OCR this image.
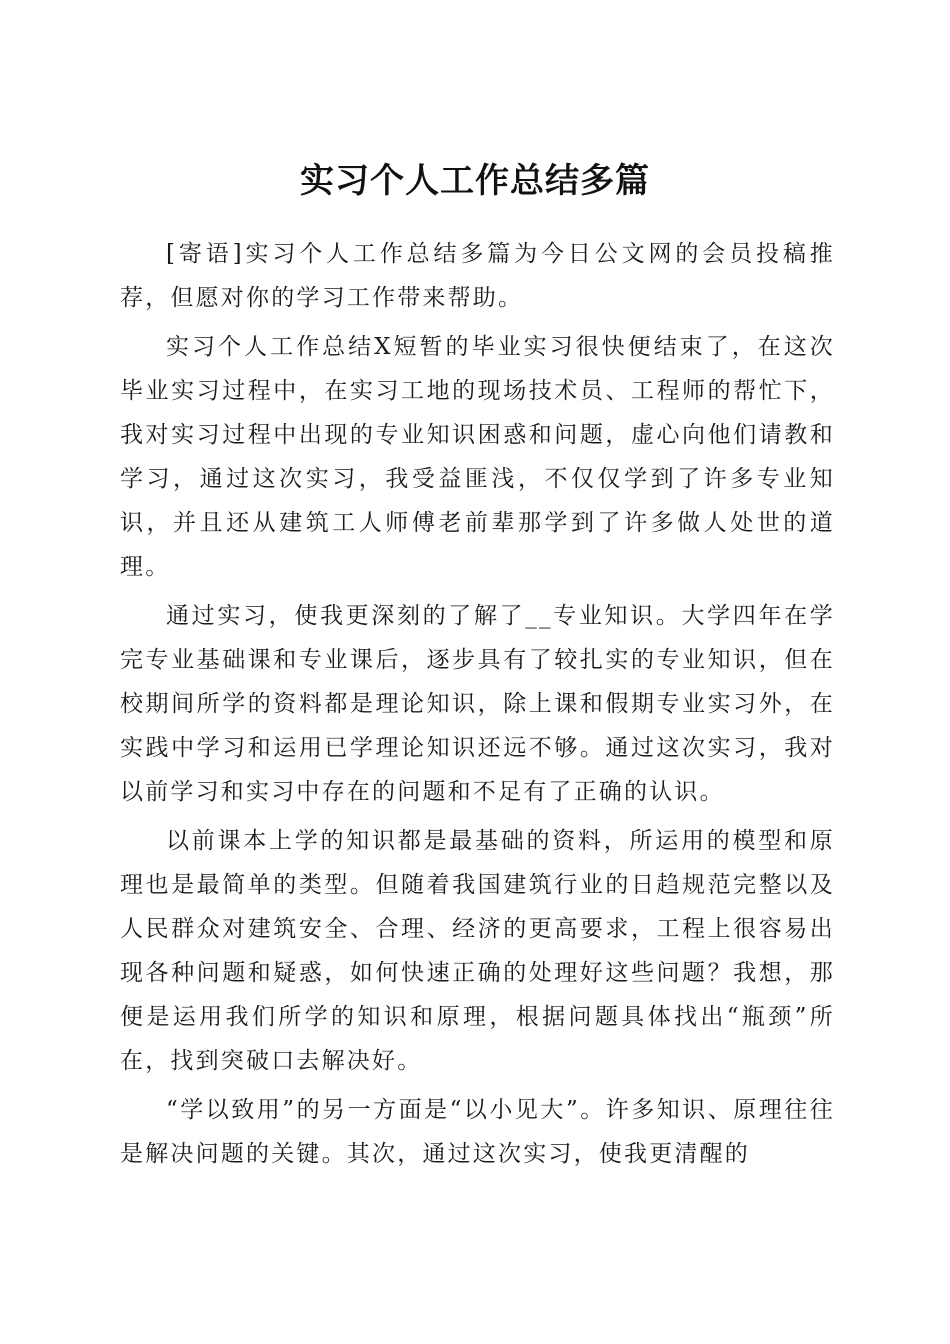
实习个人工作总结多篇

[寄语]实习个人工作总结多篇为今日公文网的会员投稿推荐，但愿对你的学习工作带来帮助。

实习个人工作总结X短暂的毕业实习很快便结束了，在这次毕业实习过程中，在实习工地的现场技术员、工程师的帮忙下，我对实习过程中出现的专业知识困惑和问题，虚心向他们请教和学习，通过这次实习，我受益匪浅，不仅仅学到了许多专业知识，并且还从建筑工人师傅老前辈那学到了许多做人处世的道理。

通过实习，使我更深刻的了解了__专业知识。大学四年在学完专业基础课和专业课后，逐步具有了较扎实的专业知识，但在校期间所学的资料都是理论知识，除上课和假期专业实习外，在实践中学习和运用已学理论知识还远不够。通过这次实习，我对以前学习和实习中存在的问题和不足有了正确的认识。

以前课本上学的知识都是最基础的资料，所运用的模型和原理也是最简单的类型。但随着我国建筑行业的日趋规范完整以及人民群众对建筑安全、合理、经济的更高要求，工程上很容易出现各种问题和疑惑，如何快速正确的处理好这些问题？我想，那便是运用我们所学的知识和原理，根据问题具体找出“瓶颈”所在，找到突破口去解决好。

“学以致用”的另一方面是“以小见大”。许多知识、原理往往是解决问题的关键。其次，通过这次实习，使我更清醒的
